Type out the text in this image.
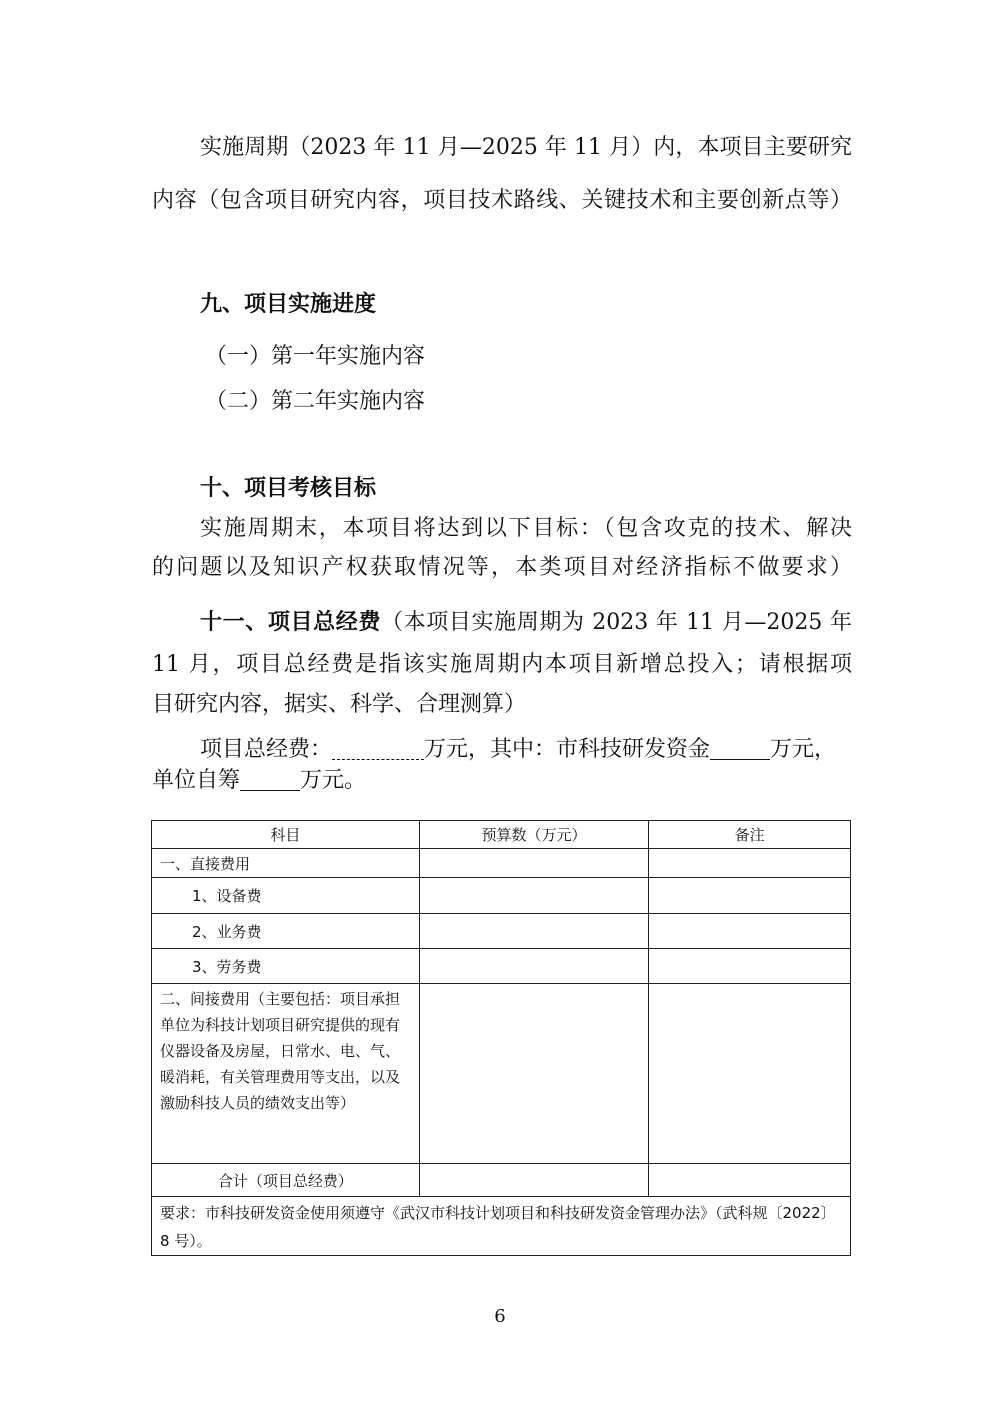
实施周期（2023 年 11 月—2025 年 11 月）内，本项目主要研究
内容（包含项目研究内容，项目技术路线、关键技术和主要创新点等）
九、项目实施进度
（一）第一年实施内容
（二）第二年实施内容
十、项目考核目标
实施周期末，本项目将达到以下目标：（包含攻克的技术、解决
的问题以及知识产权获取情况等，本类项目对经济指标不做要求）
十一、项目总经费（本项目实施周期为 2023 年 11 月—2025 年
11 月，项目总经费是指该实施周期内本项目新增总投入；请根据项
目研究内容，据实、科学、合理测算）
项目总经费：	万元，其中：市科技研发资金	万元，
单位自筹	万元。
科目	预算数（万元）	备注
一、直接费用		
1、设备费		
2、业务费		
3、劳务费		
二、间接费用（主要包括：项目承担单位为科技计划项目研究提供的现有仪器设备及房屋，日常水、电、气、暖消耗，有关管理费用等支出，以及激励科技人员的绩效支出等）		
合计（项目总经费）		
要求：市科技研发资金使用须遵守《武汉市科技计划项目和科技研发资金管理办法》（武科规〔2022〕8 号）。		
6
